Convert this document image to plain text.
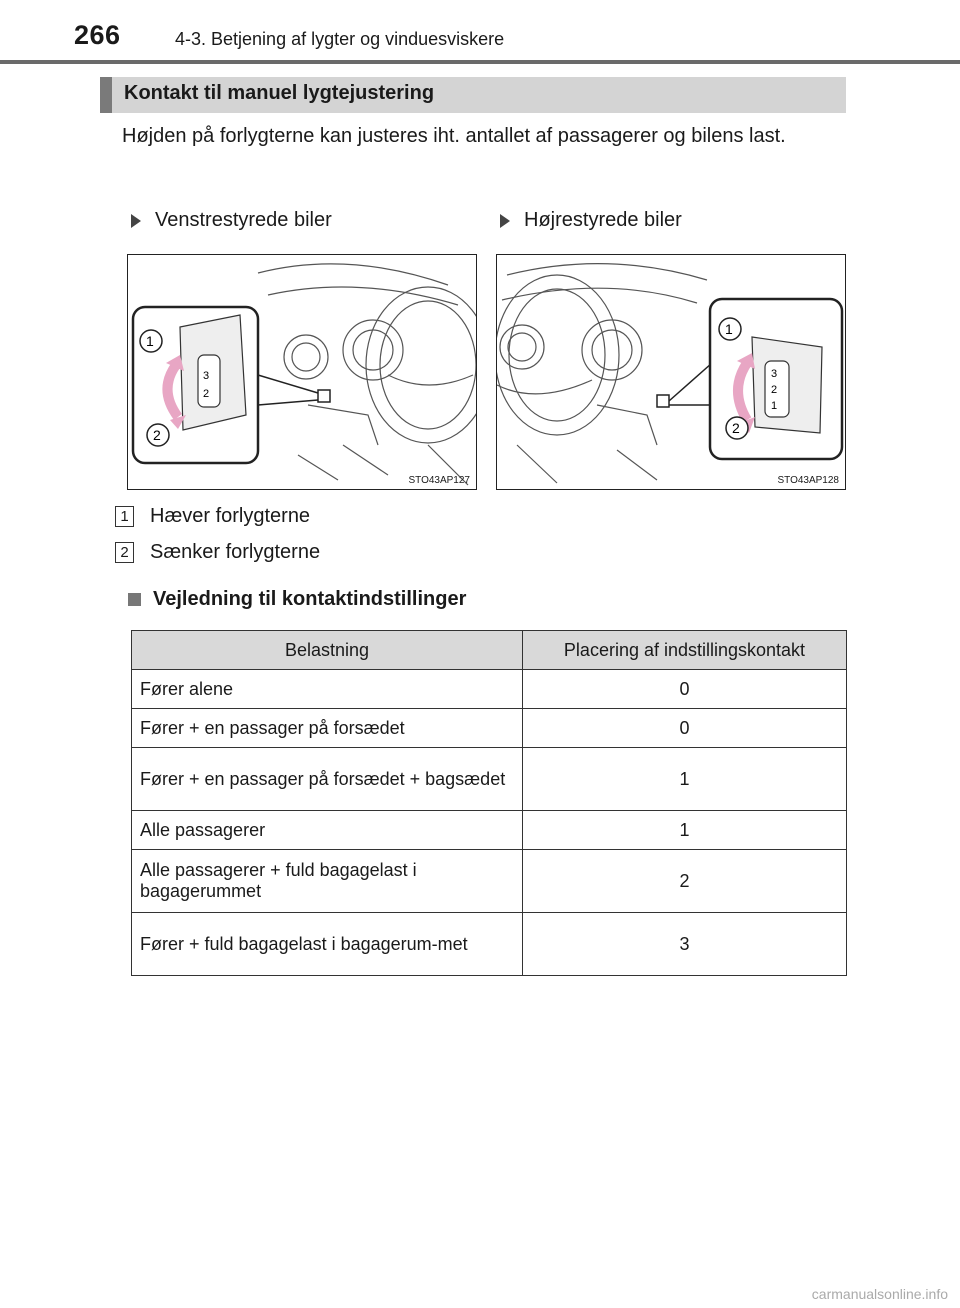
266	4-3. Betjening af lygter og vinduesviskere
Kontakt til manuel lygtejustering
Højden på forlygterne kan justeres iht. antallet af passagerer og bilens last.
Venstrestyrede biler	Højrestyrede biler
3
2
1
2
STO43AP127
3
2
1
1
2
STO43AP128
1 Hæver forlygterne
2 Sænker forlygterne
Vejledning til kontaktindstillinger
Belastning	Placering af indstillingskontakt
Fører alene	0
Fører + en passager på forsædet	0
Fører + en passager på forsædet + bagsædet	1
Alle passagerer	1
Alle passagerer + fuld bagagelast i bagagerummet	2
Fører + fuld bagagelast i bagagerum-met	3
carmanualsonline.info
